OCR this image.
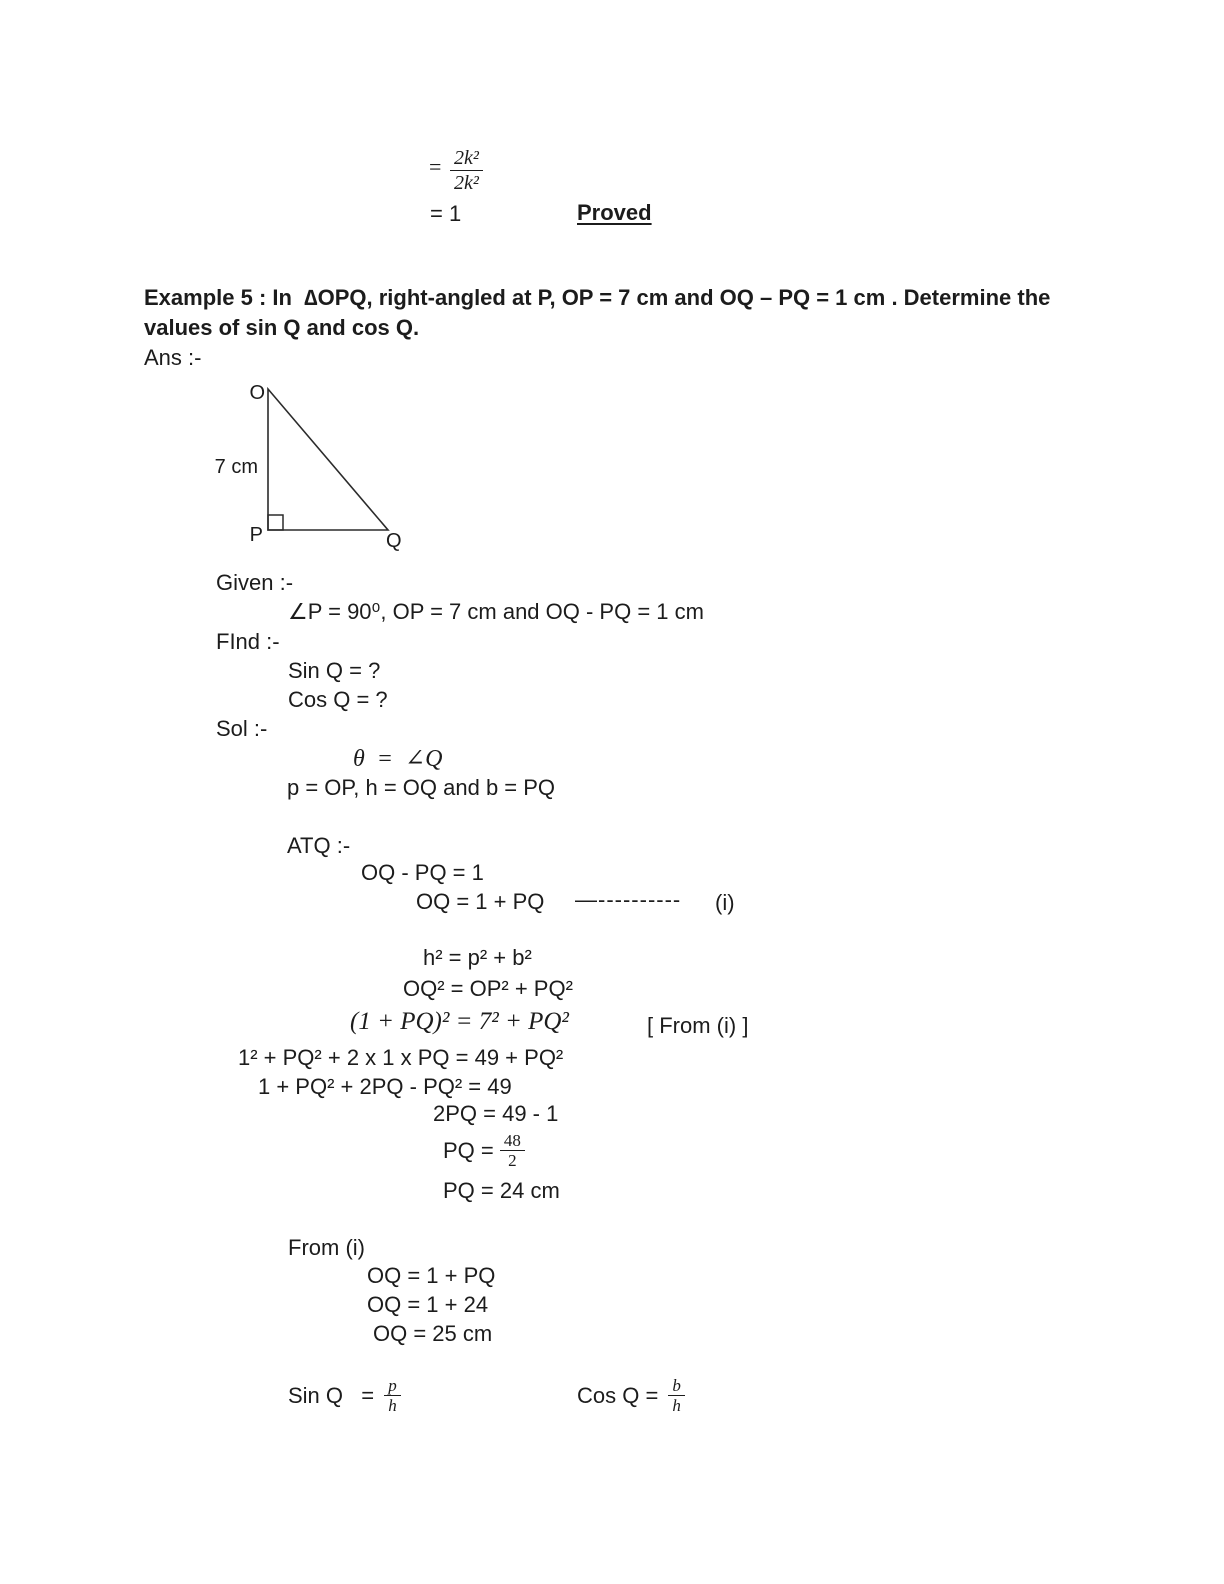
= $\frac{\text{2k²}}{\text{2k²}}$
= 1	Proved
Example 5 : In  ∆OPQ, right-angled at P, OP = 7 cm and OQ – PQ = 1 cm . Determine the
values of sin Q and cos Q.
Ans :-
O
P	Q
7 cm
Given :-
∠P = 90⁰, OP = 7 cm and OQ - PQ = 1 cm
FInd :-
Sin Q = ?
Cos Q = ?
Sol :-
θ  =  ∠Q
p = OP, h = OQ and b = PQ
ATQ :-
OQ - PQ = 1
OQ = 1 + PQ —---------- (i)
h² = p² + b²
OQ² = OP² + PQ²
(1 + PQ)² = 7² + PQ²	[ From (i) ]
1² + PQ² + 2 x 1 x PQ = 49 + PQ²
1 + PQ² + 2PQ - PQ² = 49
2PQ = 49 - 1
PQ = $\frac{48}{2}$
PQ = 24 cm
From (i)
OQ = 1 + PQ
OQ = 1 + 24
OQ = 25 cm
Sin $Q = \frac{p}{h}$	Cos $Q = \frac{b}{h}$
